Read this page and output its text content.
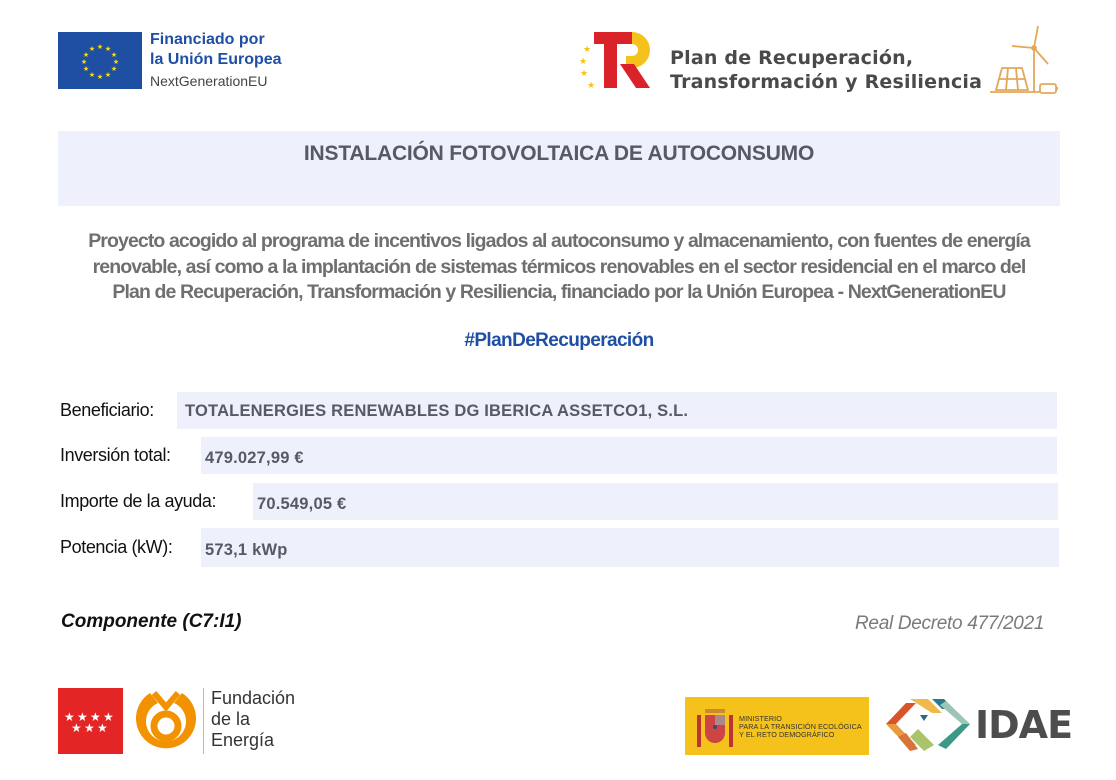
★ ★
★
★
★
★
★
★
★
★
★
★
Financiado por
la Unión Europea
NextGenerationEU
★
★
★
★
Plan de Recuperación,
Transformación y Resiliencia
INSTALACIÓN FOTOVOLTAICA DE AUTOCONSUMO
Proyecto acogido al programa de incentivos ligados al autoconsumo y almacenamiento, con fuentes de energía
renovable, así como a la implantación de sistemas térmicos renovables en el sector residencial en el marco del
Plan de Recuperación, Transformación y Resiliencia, financiado por la Unión Europea - NextGenerationEU
#PlanDeRecuperación
Beneficiario: TOTALENERGIES RENEWABLES DG IBERICA ASSETCO1, S.L.
Inversión total: 479.027,99 €
Importe de la ayuda: 70.549,05 €
Potencia (kW): 573,1 kWp
Componente (C7:I1)	Real Decreto 477/2021
★ ★ ★ ★
★ ★ ★
Fundación
de la
Energía
MINISTERIO
PARA LA TRANSICIÓN ECOLÓGICA
Y EL RETO DEMOGRÁFICO	IDAE
